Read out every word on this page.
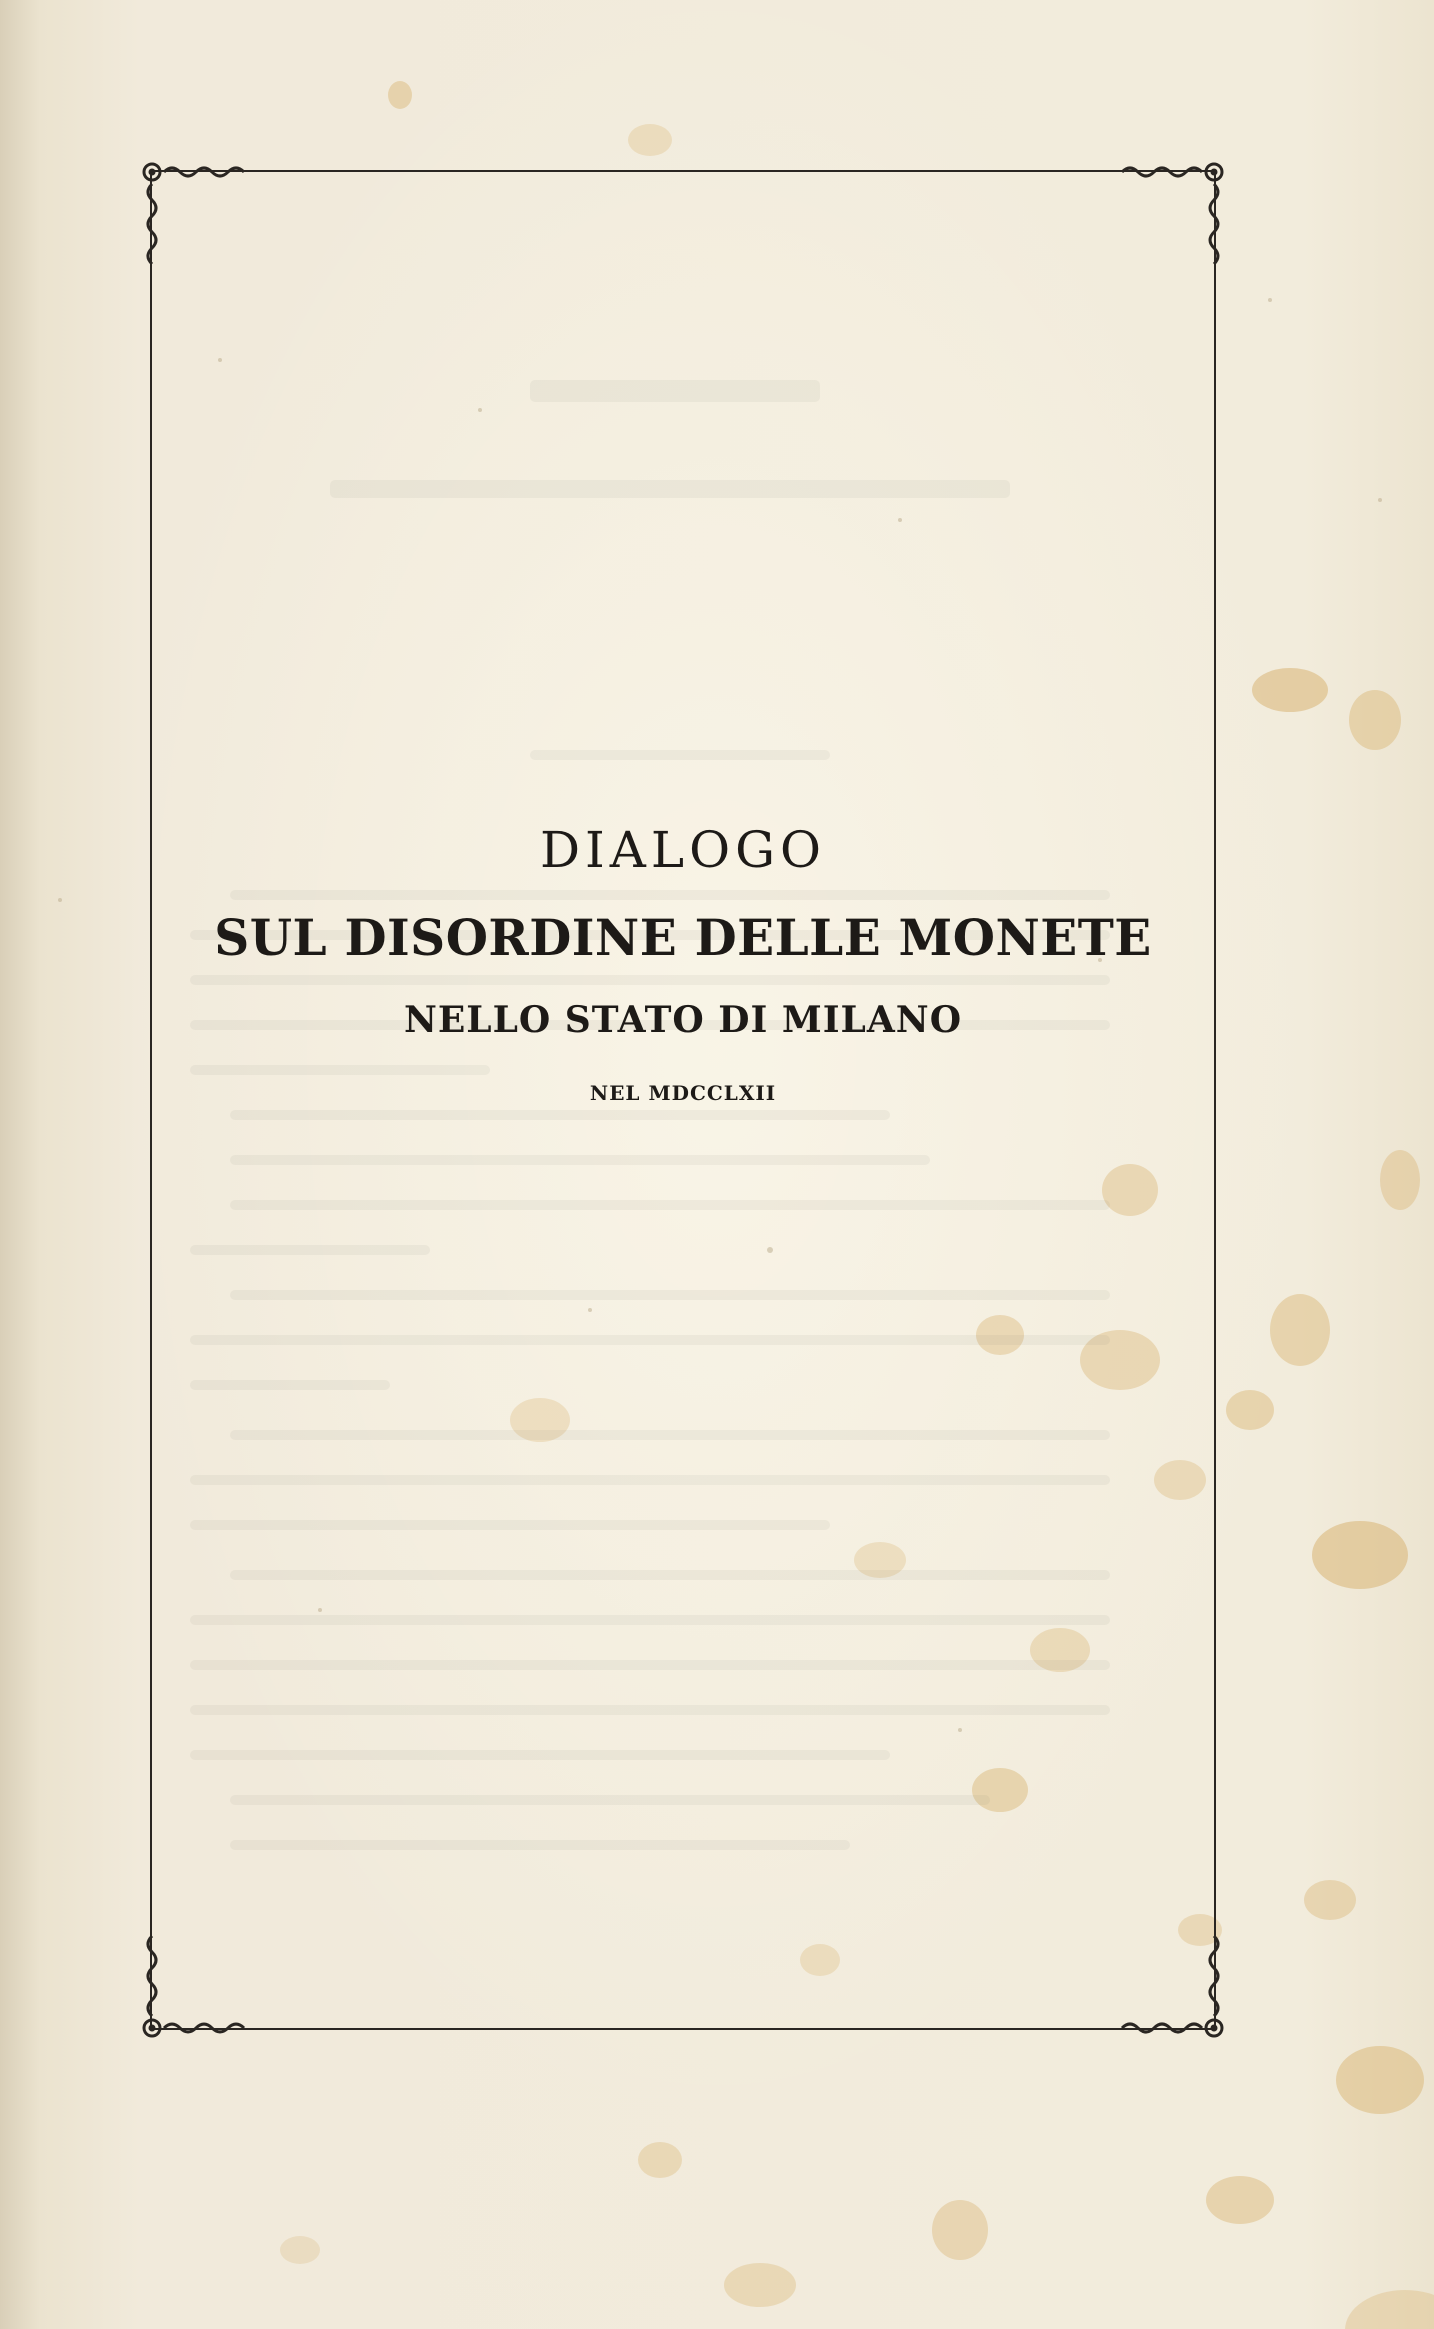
DIALOGO
SUL DISORDINE DELLE MONETE
NELLO STATO DI MILANO
NEL MDCCLXII
